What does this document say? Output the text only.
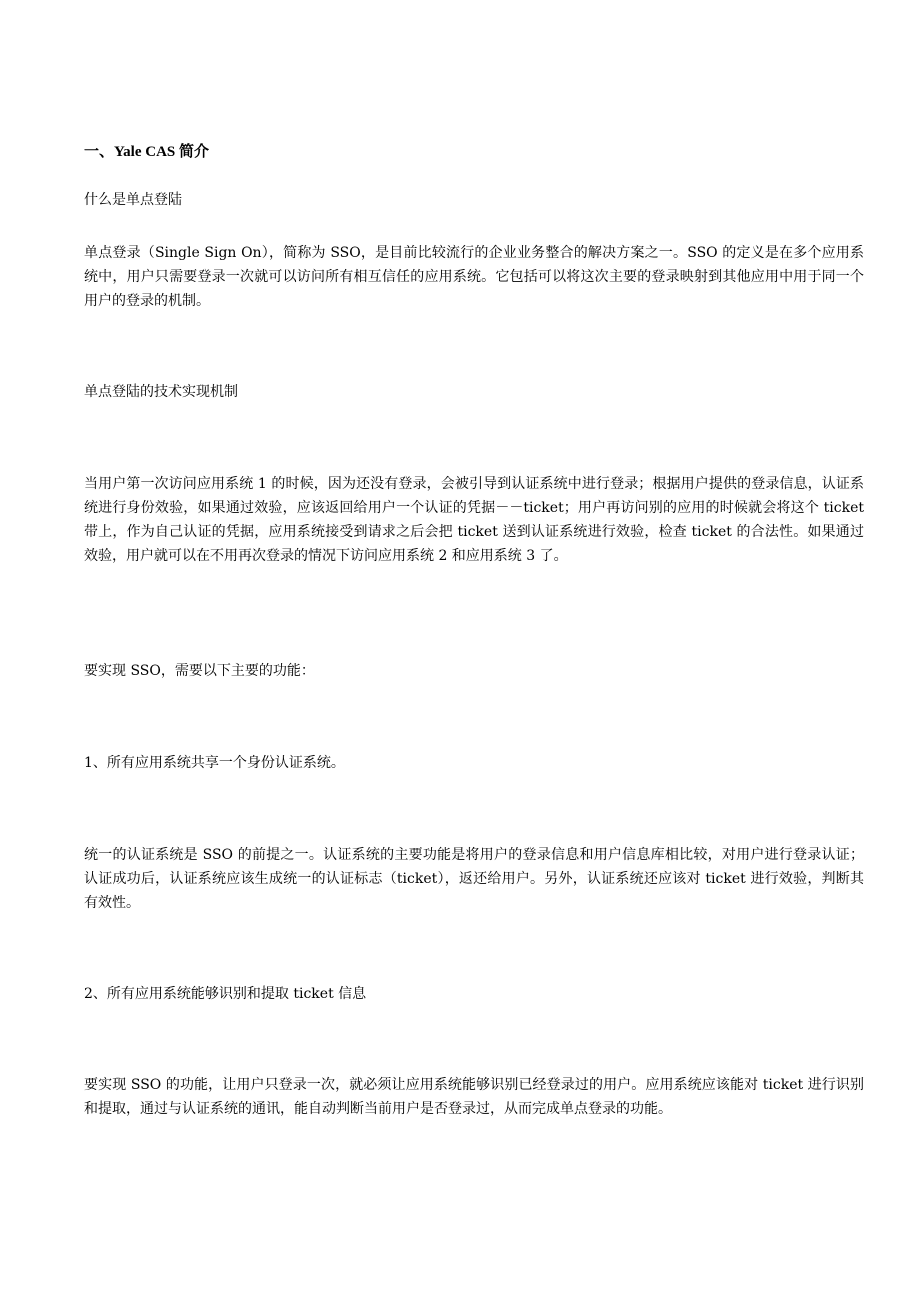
一、Yale CAS 简介

什么是单点登陆

单点登录（Single Sign On），简称为 SSO，是目前比较流行的企业业务整合的解决方案之一。SSO 的定义是在多个应用系统中，用户只需要登录一次就可以访问所有相互信任的应用系统。它包括可以将这次主要的登录映射到其他应用中用于同一个用户的登录的机制。

单点登陆的技术实现机制

当用户第一次访问应用系统 1 的时候，因为还没有登录，会被引导到认证系统中进行登录；根据用户提供的登录信息，认证系统进行身份效验，如果通过效验，应该返回给用户一个认证的凭据－－ticket；用户再访问别的应用的时候就会将这个 ticket 带上，作为自己认证的凭据，应用系统接受到请求之后会把 ticket 送到认证系统进行效验，检查 ticket 的合法性。如果通过效验，用户就可以在不用再次登录的情况下访问应用系统 2 和应用系统 3 了。

要实现 SSO，需要以下主要的功能：

1、所有应用系统共享一个身份认证系统。

统一的认证系统是 SSO 的前提之一。认证系统的主要功能是将用户的登录信息和用户信息库相比较，对用户进行登录认证；认证成功后，认证系统应该生成统一的认证标志（ticket），返还给用户。另外，认证系统还应该对 ticket 进行效验，判断其有效性。

2、所有应用系统能够识别和提取 ticket 信息

要实现 SSO 的功能，让用户只登录一次，就必须让应用系统能够识别已经登录过的用户。应用系统应该能对 ticket 进行识别和提取，通过与认证系统的通讯，能自动判断当前用户是否登录过，从而完成单点登录的功能。
